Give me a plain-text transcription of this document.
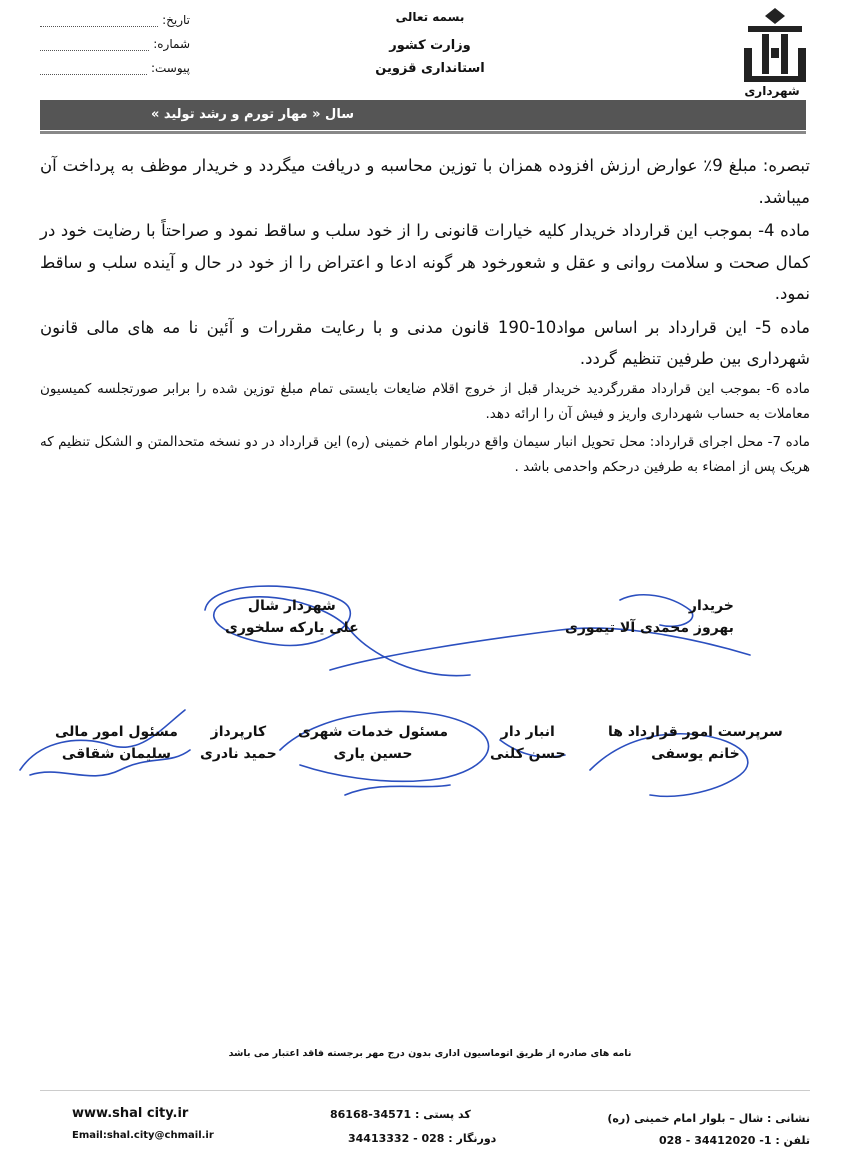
شهرداری
بسمه تعالی
وزارت کشور
استانداری قزوین
تاریخ:
شماره:
پیوست:
سال « مهار تورم و رشد تولید »

تبصره: مبلغ 9٪ عوارض ارزش افزوده همزان با توزین محاسبه و دریافت میگردد و خریدار موظف به پرداخت آن میباشد.

ماده 4- بموجب این قرارداد خریدار کلیه خیارات قانونی را از خود سلب و ساقط نمود و صراحتاً با رضایت خود در کمال صحت و سلامت روانی و عقل و شعورخود هر گونه ادعا و اعتراض را از خود در حال و آینده سلب و ساقط نمود.

ماده 5- این قرارداد بر اساس مواد10-190 قانون مدنی و با رعایت مقررات و آئین نا مه های مالی قانون شهرداری بین طرفین تنظیم گردد.

ماده 6- بموجب این قرارداد مقررگردید خریدار قبل از خروج اقلام ضایعات بایستی تمام مبلغ توزین شده را برابر صورتجلسه کمیسیون معاملات به حساب شهرداری واریز و فیش آن را ارائه دهد.

ماده 7- محل اجرای قرارداد: محل تحویل انبار سیمان واقع دربلوار امام خمینی (ره) این قرارداد در دو نسخه متحدالمتن و الشکل تنظیم که هریک پس از امضاء به طرفین درحکم واحدمی باشد .

شهردار شال
علی یارکه سلخوری
خریدار
بهروز محمدی آلا تیموری
سرپرست امور قرارداد ها
خانم یوسفی
انبار دار
حسن کلنی
مسئول خدمات شهری
حسین یاری
کارپرداز
حمید نادری
مسئول امور مالی
سلیمان شقاقی
نامه های صادره از طریق اتوماسیون اداری بدون درج مهر برجسته فاقد اعتبار می باشد
نشانی : شال – بلوار امام خمینی (ره)
تلفن : 1- 34412020 - 028
کد پستی : 34571-86168
دورنگار : 028 - 34413332
www.shal city.ir
Email:shal.city@chmail.ir
